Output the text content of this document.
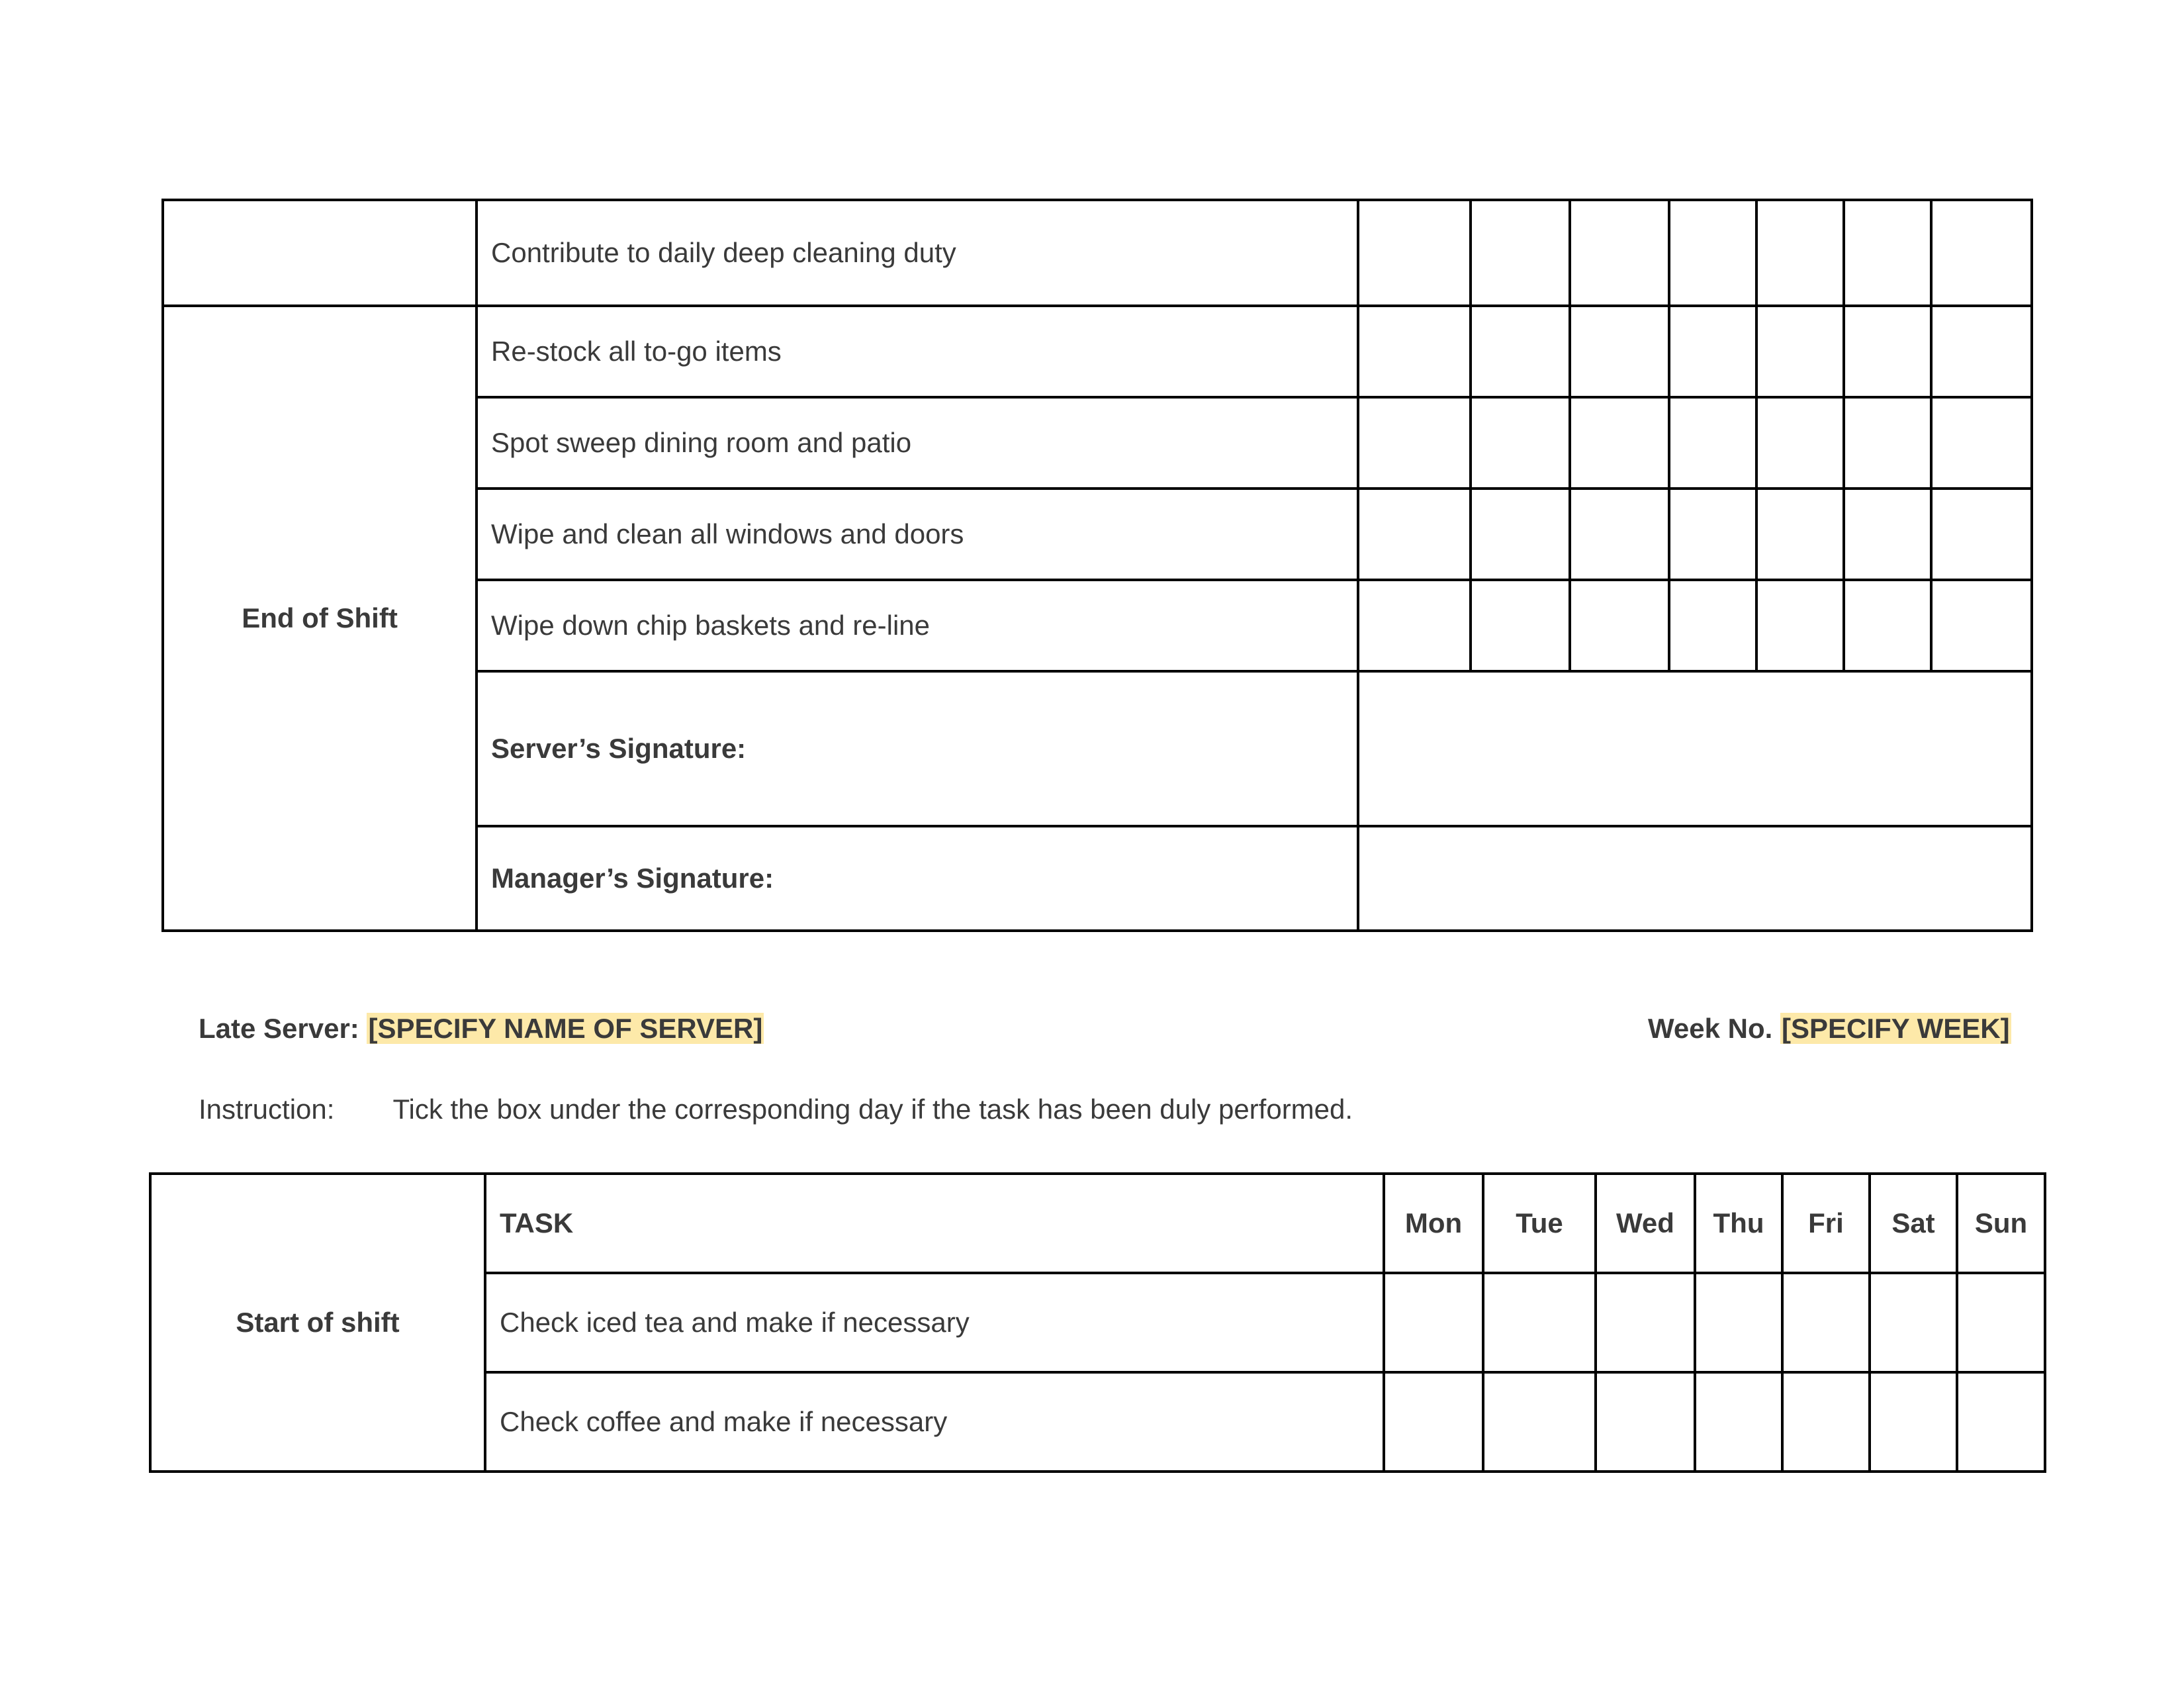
	Contribute to daily deep cleaning duty							
End of Shift	Re-stock all to-go items							
	Spot sweep dining room and patio							
	Wipe and clean all windows and doors							
	Wipe down chip baskets and re-line							
	Server’s Signature:							
	Manager’s Signature:							
Late Server: [SPECIFY NAME OF SERVER]	Week No. [SPECIFY WEEK]
Instruction: Tick the box under the corresponding day if the task has been duly performed.
Start of shift	TASK	Mon	Tue	Wed	Thu	Fri	Sat	Sun
	Check iced tea and make if necessary							
	Check coffee and make if necessary							
